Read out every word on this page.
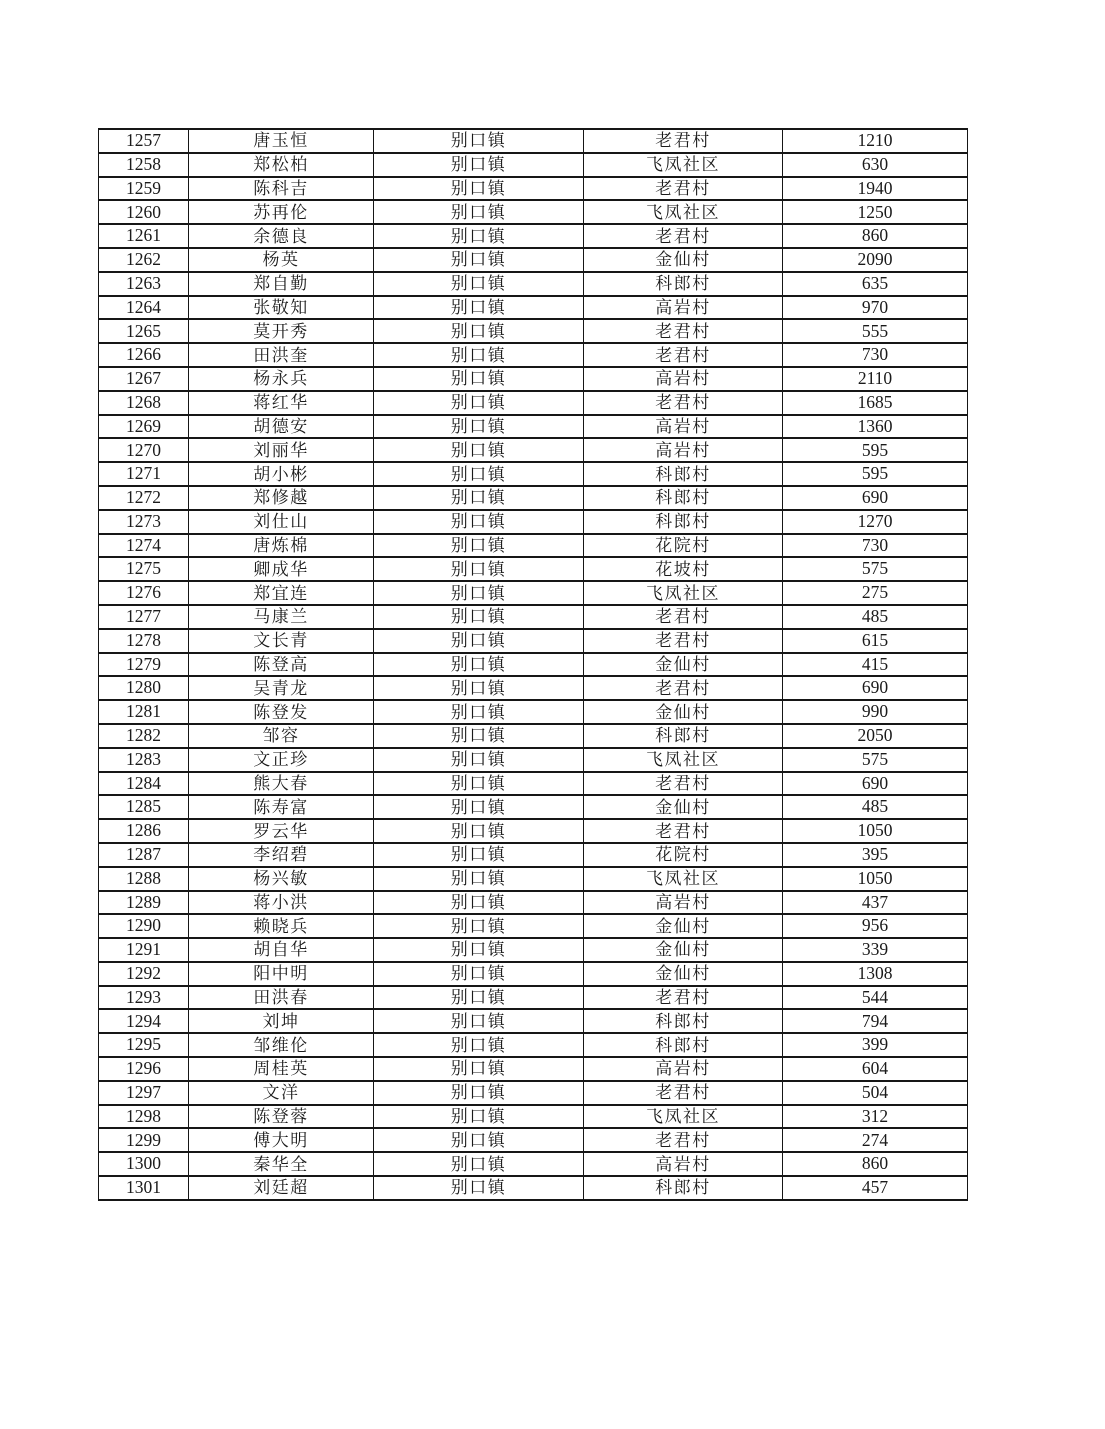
1257	唐玉恒	别口镇	老君村	1210
1258	郑松柏	别口镇	飞凤社区	630
1259	陈科吉	别口镇	老君村	1940
1260	苏再伦	别口镇	飞凤社区	1250
1261	余德良	别口镇	老君村	860
1262	杨英	别口镇	金仙村	2090
1263	郑自勤	别口镇	科郎村	635
1264	张敬知	别口镇	高岩村	970
1265	莫开秀	别口镇	老君村	555
1266	田洪奎	别口镇	老君村	730
1267	杨永兵	别口镇	高岩村	2110
1268	蒋红华	别口镇	老君村	1685
1269	胡德安	别口镇	高岩村	1360
1270	刘丽华	别口镇	高岩村	595
1271	胡小彬	别口镇	科郎村	595
1272	郑修越	别口镇	科郎村	690
1273	刘仕山	别口镇	科郎村	1270
1274	唐炼棉	别口镇	花院村	730
1275	卿成华	别口镇	花坡村	575
1276	郑宜连	别口镇	飞凤社区	275
1277	马康兰	别口镇	老君村	485
1278	文长青	别口镇	老君村	615
1279	陈登高	别口镇	金仙村	415
1280	吴青龙	别口镇	老君村	690
1281	陈登发	别口镇	金仙村	990
1282	邹容	别口镇	科郎村	2050
1283	文正珍	别口镇	飞凤社区	575
1284	熊大春	别口镇	老君村	690
1285	陈寿富	别口镇	金仙村	485
1286	罗云华	别口镇	老君村	1050
1287	李绍碧	别口镇	花院村	395
1288	杨兴敏	别口镇	飞凤社区	1050
1289	蒋小洪	别口镇	高岩村	437
1290	赖晓兵	别口镇	金仙村	956
1291	胡自华	别口镇	金仙村	339
1292	阳中明	别口镇	金仙村	1308
1293	田洪春	别口镇	老君村	544
1294	刘坤	别口镇	科郎村	794
1295	邹维伦	别口镇	科郎村	399
1296	周桂英	别口镇	高岩村	604
1297	文洋	别口镇	老君村	504
1298	陈登蓉	别口镇	飞凤社区	312
1299	傅大明	别口镇	老君村	274
1300	秦华全	别口镇	高岩村	860
1301	刘廷超	别口镇	科郎村	457
